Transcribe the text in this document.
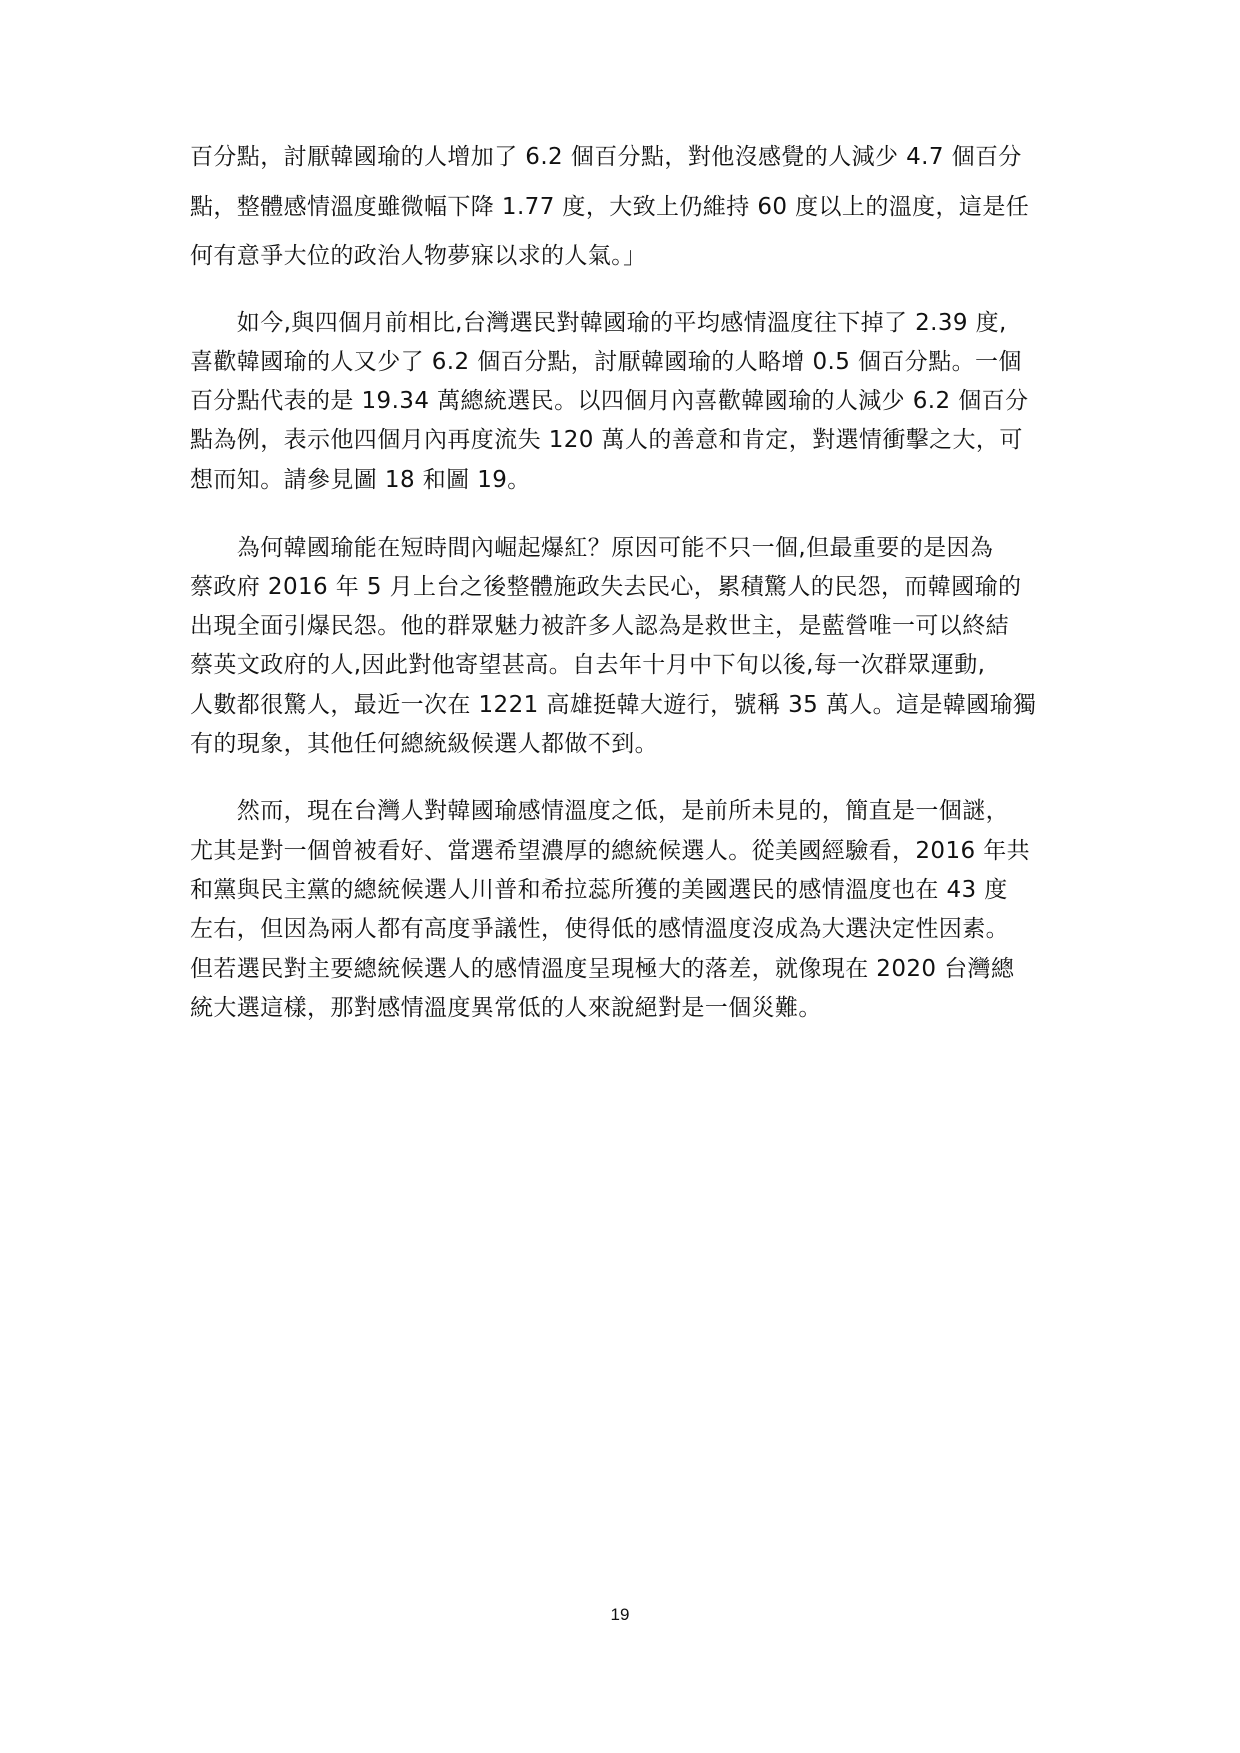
百分點，討厭韓國瑜的人增加了 6.2 個百分點，對他沒感覺的人減少 4.7 個百分
點，整體感情溫度雖微幅下降 1.77 度，大致上仍維持 60 度以上的溫度，這是任
何有意爭大位的政治人物夢寐以求的人氣。」
　　如今,與四個月前相比,台灣選民對韓國瑜的平均感情溫度往下掉了 2.39 度,
喜歡韓國瑜的人又少了 6.2 個百分點，討厭韓國瑜的人略增 0.5 個百分點。一個
百分點代表的是 19.34 萬總統選民。以四個月內喜歡韓國瑜的人減少 6.2 個百分
點為例，表示他四個月內再度流失 120 萬人的善意和肯定，對選情衝擊之大，可
想而知。請參見圖 18 和圖 19。
　　為何韓國瑜能在短時間內崛起爆紅？原因可能不只一個,但最重要的是因為
蔡政府 2016 年 5 月上台之後整體施政失去民心，累積驚人的民怨，而韓國瑜的
出現全面引爆民怨。他的群眾魅力被許多人認為是救世主，是藍營唯一可以終結
蔡英文政府的人,因此對他寄望甚高。自去年十月中下旬以後,每一次群眾運動,
人數都很驚人，最近一次在 1221 高雄挺韓大遊行，號稱 35 萬人。這是韓國瑜獨
有的現象，其他任何總統級候選人都做不到。
　　然而，現在台灣人對韓國瑜感情溫度之低，是前所未見的，簡直是一個謎，
尤其是對一個曾被看好、當選希望濃厚的總統候選人。從美國經驗看，2016 年共
和黨與民主黨的總統候選人川普和希拉蕊所獲的美國選民的感情溫度也在 43 度
左右，但因為兩人都有高度爭議性，使得低的感情溫度沒成為大選決定性因素。
但若選民對主要總統候選人的感情溫度呈現極大的落差，就像現在 2020 台灣總
統大選這樣，那對感情溫度異常低的人來說絕對是一個災難。
19
